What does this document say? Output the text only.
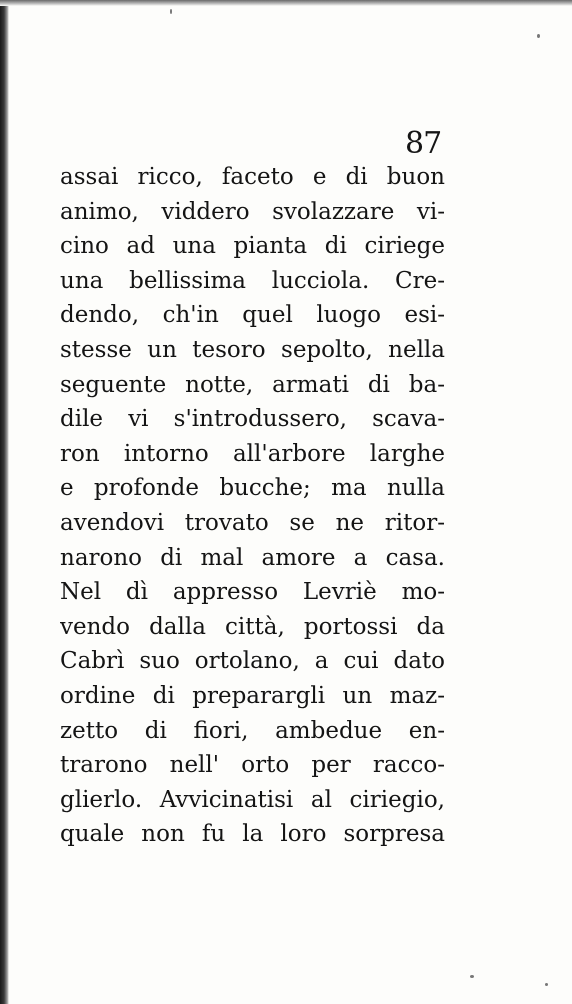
87

assai ricco, faceto e di buon
animo, viddero svolazzare vi-
cino ad una pianta di ciriege
una bellissima lucciola. Cre-
dendo, ch'in quel luogo esi-
stesse un tesoro sepolto, nella
seguente notte, armati di ba-
dile vi s'introdussero, scava-
ron intorno all'arbore larghe
e profonde bucche; ma nulla
avendovi trovato se ne ritor-
narono di mal amore a casa.
Nel dì appresso Levriè mo-
vendo dalla città, portossi da
Cabrì suo ortolano, a cui dato
ordine di preparargli un maz-
zetto di fiori, ambedue en-
trarono nell' orto per racco-
glierlo. Avvicinatisi al ciriegio,
quale non fu la loro sorpresa
